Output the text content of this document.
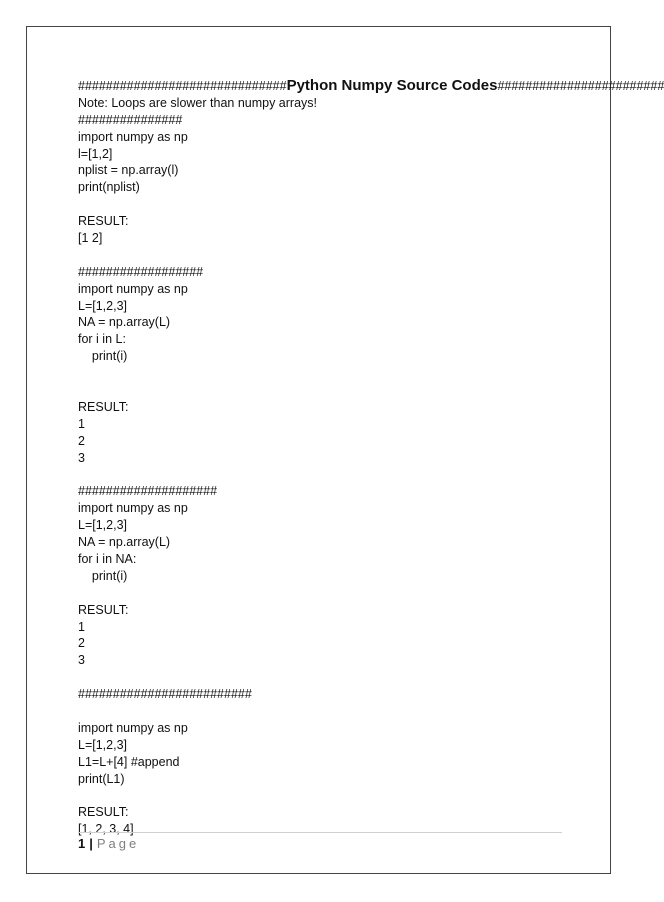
##############################Python Numpy Source Codes########################
Note: Loops are slower than numpy arrays!
###############
import numpy as np
l=[1,2]
nplist = np.array(l)
print(nplist)
RESULT:
[1 2]
##################
import numpy as np
L=[1,2,3]
NA = np.array(L)
for i in L:
print(i)
RESULT:
1
2
3
####################
import numpy as np
L=[1,2,3]
NA = np.array(L)
for i in NA:
print(i)
RESULT:
1
2
3
#########################
import numpy as np
L=[1,2,3]
L1=L+[4] #append
print(L1)
RESULT:
[1, 2, 3, 4]
1 | Page
